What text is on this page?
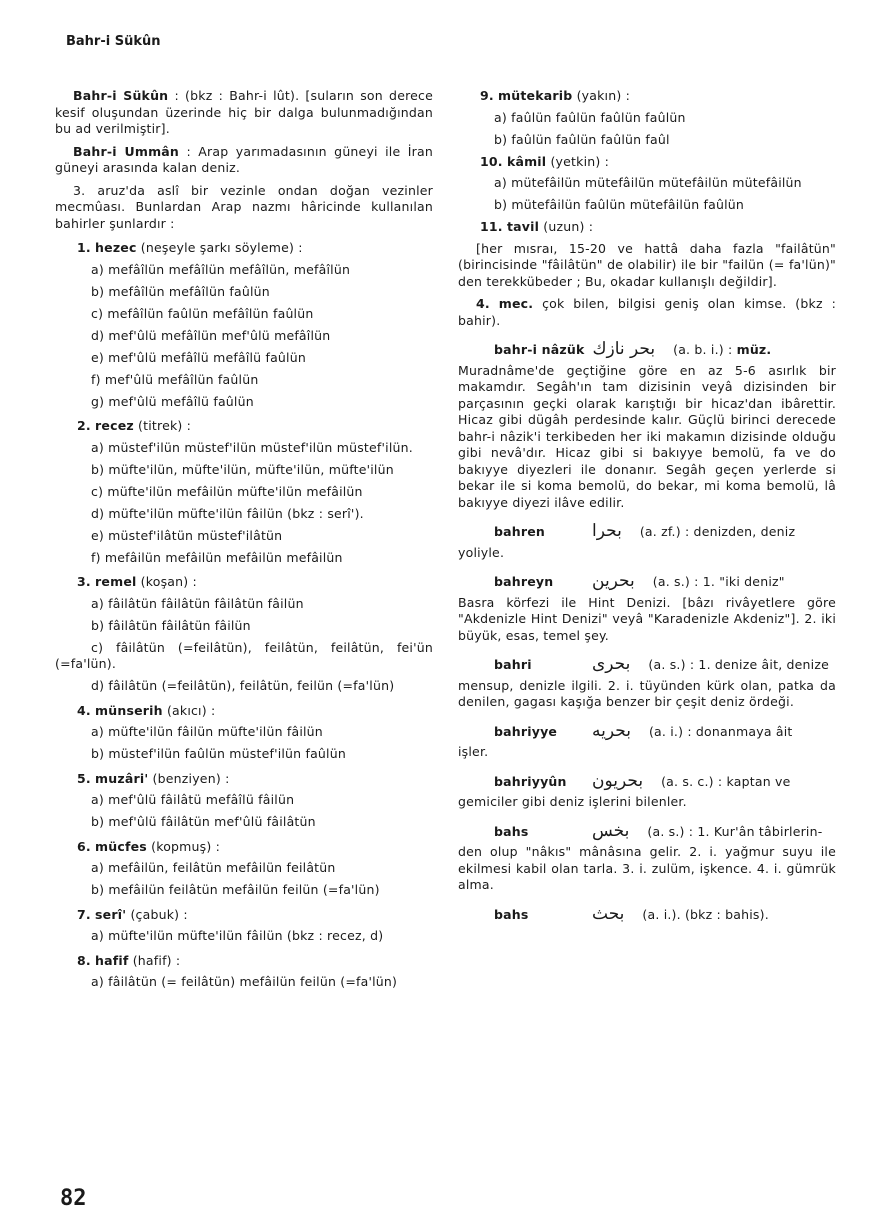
Bahr-i Sükûn

Bahr-i Sükûn : (bkz : Bahr-i lût). [suların son derece kesif oluşundan üzerinde hiç bir dalga bulunmadığından bu ad verilmiştir].

Bahr-i Ummân : Arap yarımadasının güneyi ile İran güneyi arasında kalan deniz.

3. aruz'da aslî bir vezinle ondan doğan vezinler mecmûası. Bunlardan Arap nazmı hâricinde kullanılan bahirler şunlardır :

1. hezec (neşeyle şarkı söyleme) :
a) mefâîlün mefâîlün mefâîlün, mefâîlün
b) mefâîlün mefâîlün faûlün
c) mefâîlün faûlün mefâîlün faûlün
d) mef'ûlü mefâîlün mef'ûlü mefâîlün
e) mef'ûlü mefâîlü mefâîlü faûlün
f) mef'ûlü mefâîlün faûlün
g) mef'ûlü mefâîlü faûlün
2. recez (titrek) :
a) müstef'ilün müstef'ilün müstef'ilün müstef'ilün.
b) müfte'ilün, müfte'ilün, müfte'ilün, müfte'ilün
c) müfte'ilün mefâilün müfte'ilün mefâilün
d) müfte'ilün müfte'ilün fâilün (bkz : serî').
e) müstef'ilâtün müstef'ilâtün
f) mefâilün mefâilün mefâilün mefâilün
3. remel (koşan) :
a) fâilâtün fâilâtün fâilâtün fâilün
b) fâilâtün fâilâtün fâilün
c) fâilâtün (=feilâtün), feilâtün, feilâtün, fei'ün (=fa'lün).
d) fâilâtün (=feilâtün), feilâtün, feilün (=fa'lün)
4. münserih (akıcı) :
a) müfte'ilün fâilün müfte'ilün fâilün
b) müstef'ilün faûlün müstef'ilün faûlün
5. muzâri' (benziyen) :
a) mef'ûlü fâilâtü mefâîlü fâilün
b) mef'ûlü fâilâtün mef'ûlü fâilâtün
6. mücfes (kopmuş) :
a) mefâilün, feilâtün mefâilün feilâtün
b) mefâilün feilâtün mefâilün feilün (=fa'lün)
7. serî' (çabuk) :
a) müfte'ilün müfte'ilün fâilün (bkz : recez, d)
8. hafif (hafif) :
a) fâilâtün (= feilâtün) mefâilün feilün (=fa'lün)
9. mütekarib (yakın) :
a) faûlün faûlün faûlün faûlün
b) faûlün faûlün faûlün faûl
10. kâmil (yetkin) :
a) mütefâilün mütefâilün mütefâilün mütefâilün
b) mütefâilün faûlün mütefâilün faûlün
11. tavil (uzun) :

[her mısraı, 15-20 ve hattâ daha fazla "failâtün" (birincisinde "fâilâtün" de olabilir) ile bir "failün (= fa'lün)" den terekkübeder ; Bu, okadar kullanışlı değildir].

4. mec. çok bilen, bilgisi geniş olan kimse. (bkz : bahir).

bahr-i nâzük بحر نازك (a. b. i.) : müz.

Muradnâme'de geçtiğine göre en az 5-6 asırlık bir makamdır. Segâh'ın tam dizisinin veyâ dizisinden bir parçasının geçki olarak karıştığı bir hicaz'dan ibârettir. Hicaz gibi dügâh perdesinde kalır. Güçlü birinci derecede bahr-i nâzik'i terkibeden her iki makamın dizisinde olduğu gibi nevâ'dır. Hicaz gibi si bakıyye bemolü, fa ve do bakıyye diyezleri ile donanır. Segâh geçen yerlerde si bekar ile si koma bemolü, do bekar, mi koma bemolü, lâ bakıyye diyezi ilâve edilir.

bahren	بحرا (a. zf.) : denizden, deniz

yoliyle.

bahreyn	بحرين (a. s.) : 1. "iki deniz"

Basra körfezi ile Hint Denizi. [bâzı rivâyetlere göre "Akdenizle Hint Denizi" veyâ "Karadenizle Akdeniz"]. 2. iki büyük, esas, temel şey.

bahri	بحرى (a. s.) : 1. denize âit, denize

mensup, denizle ilgili. 2. i. tüyünden kürk olan, patka da denilen, gagası kaşığa benzer bir çeşit deniz ördeği.

bahriyye	بحريه (a. i.) : donanmaya âit

işler.

bahriyyûn	بحريون (a. s. c.) : kaptan ve

gemiciler gibi deniz işlerini bilenler.

bahs	بخس (a. s.) : 1. Kur'ân tâbirlerin-

den olup "nâkıs" mânâsına gelir. 2. i. yağmur suyu ile ekilmesi kabil olan tarla. 3. i. zulüm, işkence. 4. i. gümrük alma.

bahs	بحث (a. i.). (bkz : bahis).
82
